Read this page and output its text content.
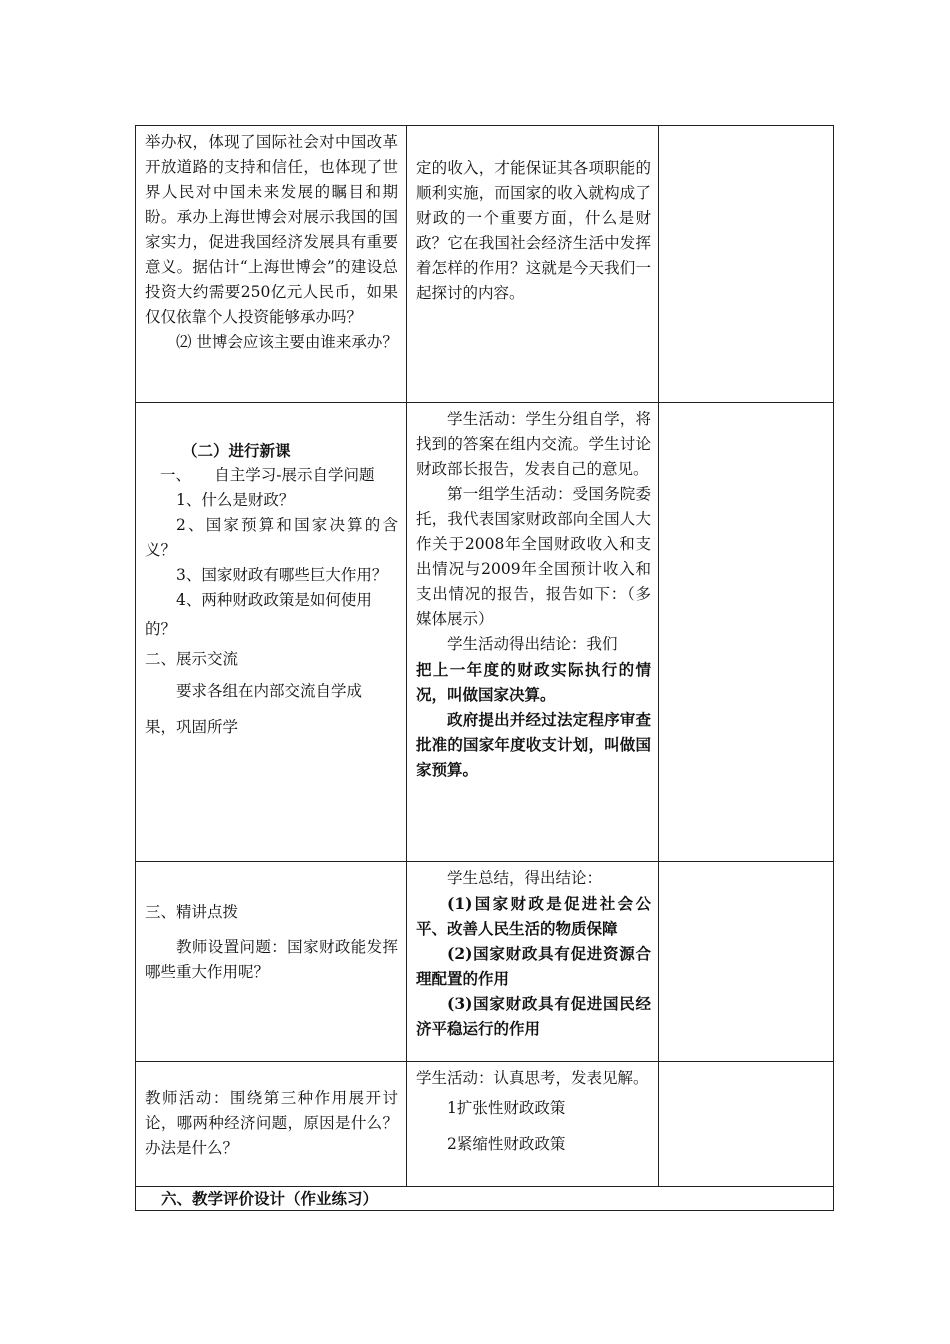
举办权，体现了国际社会对中国改革开放道路的支持和信任，也体现了世界人民对中国未来发展的瞩目和期盼。承办上海世博会对展示我国的国家实力，促进我国经济发展具有重要意义。据估计“上海世博会”的建设总投资大约需要250亿元人民币，如果仅仅依靠个人投资能够承办吗？

⑵ 世博会应该主要由谁来承办？

定的收入，才能保证其各项职能的顺利实施，而国家的收入就构成了财政的一个重要方面，什么是财政？它在我国社会经济生活中发挥着怎样的作用？这就是今天我们一起探讨的内容。

（二）进行新课

一、　　自主学习-展示自学问题

1、什么是财政？

2、国家预算和国家决算的含义？

3、国家财政有哪些巨大作用？

4、两种财政政策是如何使用

的？

二、展示交流

要求各组在内部交流自学成

果，巩固所学

学生活动：学生分组自学，将找到的答案在组内交流。学生讨论财政部长报告，发表自己的意见。

第一组学生活动：受国务院委托，我代表国家财政部向全国人大作关于2008年全国财政收入和支出情况与2009年全国预计收入和支出情况的报告，报告如下：（多媒体展示）

学生活动得出结论：我们

把上一年度的财政实际执行的情况，叫做国家决算。

政府提出并经过法定程序审查批准的国家年度收支计划，叫做国家预算。

三、精讲点拨

教师设置问题：国家财政能发挥哪些重大作用呢？

学生总结，得出结论：

(1)国家财政是促进社会公平、改善人民生活的物质保障

(2)国家财政具有促进资源合理配置的作用

(3)国家财政具有促进国民经济平稳运行的作用

教师活动：围绕第三种作用展开讨论，哪两种经济问题，原因是什么？办法是什么？

学生活动：认真思考，发表见解。

1扩张性财政政策

2紧缩性财政政策

六、教学评价设计（作业练习）
